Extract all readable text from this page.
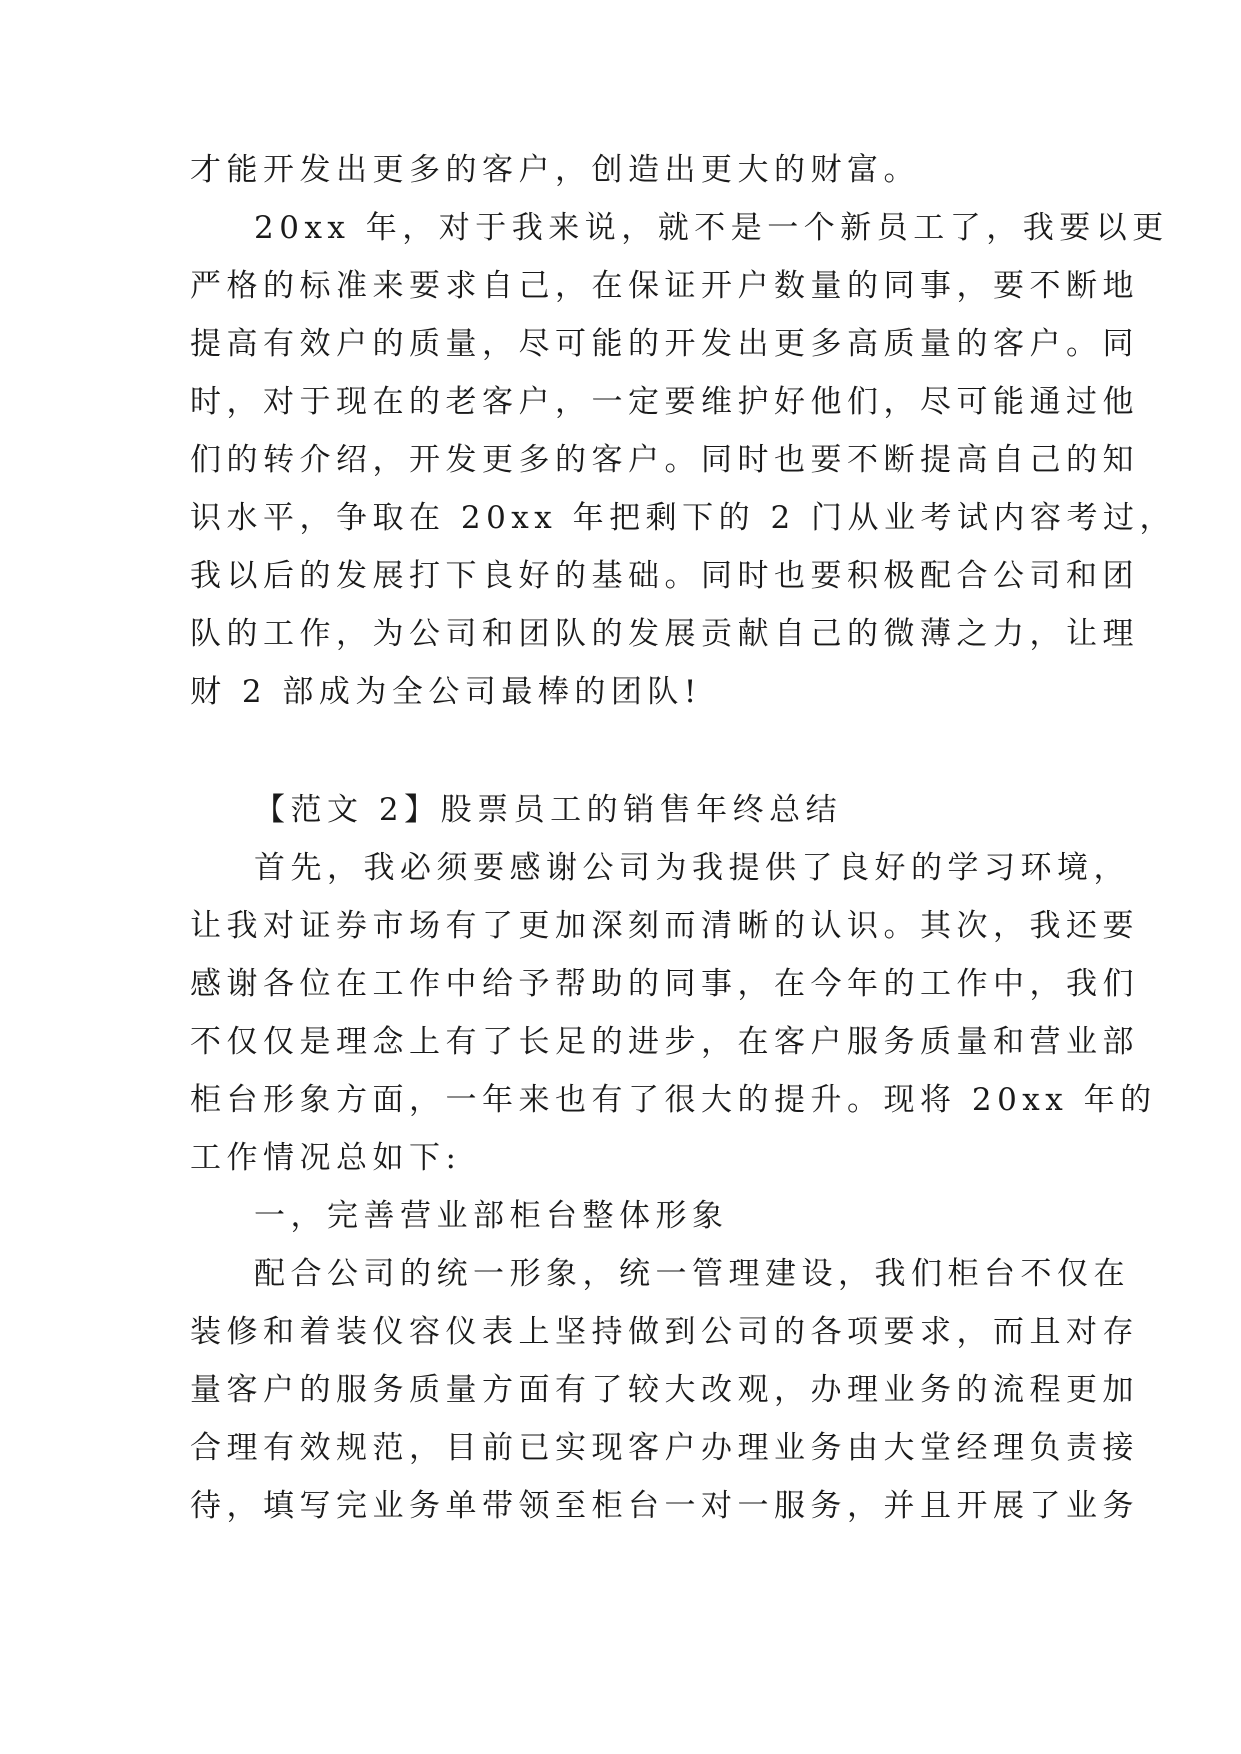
才能开发出更多的客户，创造出更大的财富。
20xx 年，对于我来说，就不是一个新员工了，我要以更
严格的标准来要求自己，在保证开户数量的同事，要不断地
提高有效户的质量，尽可能的开发出更多高质量的客户。同
时，对于现在的老客户，一定要维护好他们，尽可能通过他
们的转介绍，开发更多的客户。同时也要不断提高自己的知
识水平，争取在 20xx 年把剩下的 2 门从业考试内容考过，
我以后的发展打下良好的基础。同时也要积极配合公司和团
队的工作，为公司和团队的发展贡献自己的微薄之力，让理
财 2 部成为全公司最棒的团队!
【范文 2】股票员工的销售年终总结
首先，我必须要感谢公司为我提供了良好的学习环境，
让我对证券市场有了更加深刻而清晰的认识。其次，我还要
感谢各位在工作中给予帮助的同事，在今年的工作中，我们
不仅仅是理念上有了长足的进步，在客户服务质量和营业部
柜台形象方面，一年来也有了很大的提升。现将 20xx 年的
工作情况总如下:
一，完善营业部柜台整体形象
配合公司的统一形象，统一管理建设，我们柜台不仅在
装修和着装仪容仪表上坚持做到公司的各项要求，而且对存
量客户的服务质量方面有了较大改观，办理业务的流程更加
合理有效规范，目前已实现客户办理业务由大堂经理负责接
待，填写完业务单带领至柜台一对一服务，并且开展了业务
